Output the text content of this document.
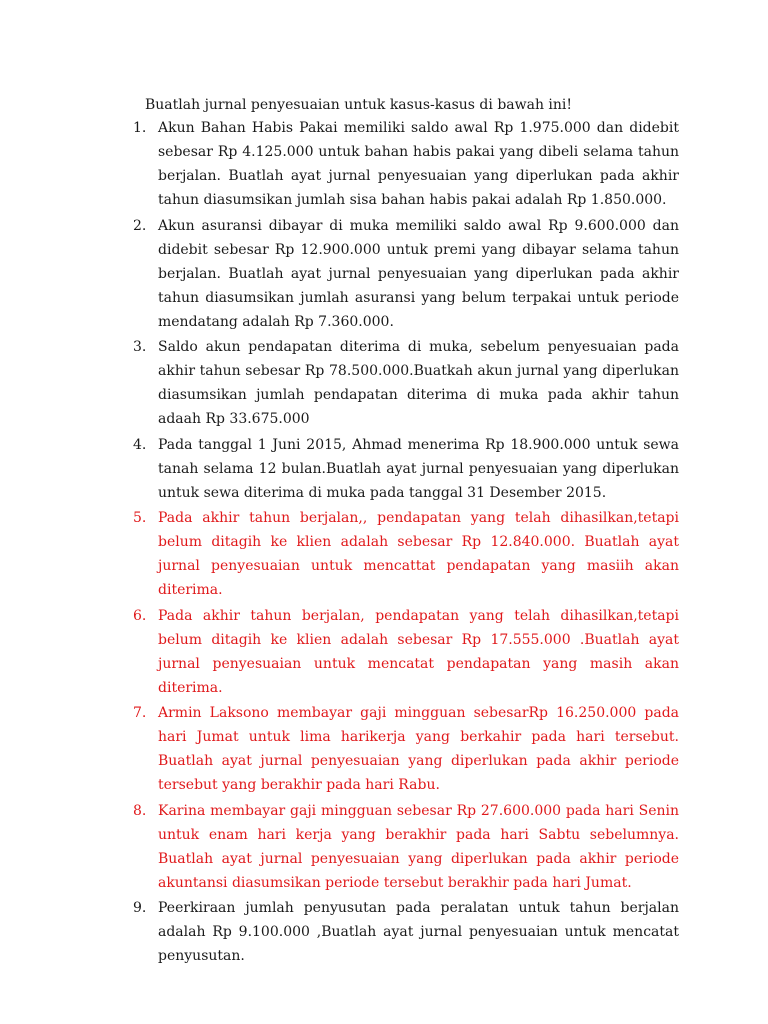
Buatlah jurnal penyesuaian untuk kasus-kasus di bawah ini!
1. Akun Bahan Habis Pakai memiliki saldo awal Rp 1.975.000 dan didebit sebesar Rp 4.125.000 untuk bahan habis pakai yang dibeli selama tahun berjalan. Buatlah ayat jurnal penyesuaian yang diperlukan pada akhir tahun diasumsikan jumlah sisa bahan habis pakai adalah Rp 1.850.000.
2. Akun asuransi dibayar di muka memiliki saldo awal Rp 9.600.000 dan didebit sebesar Rp 12.900.000 untuk premi yang dibayar selama tahun berjalan. Buatlah ayat jurnal penyesuaian yang diperlukan pada akhir tahun diasumsikan jumlah asuransi yang belum terpakai untuk periode mendatang adalah Rp 7.360.000.
3. Saldo akun pendapatan diterima di muka, sebelum penyesuaian pada akhir tahun sebesar Rp 78.500.000.Buatkah akun jurnal yang diperlukan diasumsikan jumlah pendapatan diterima di muka pada akhir tahun adaah Rp 33.675.000
4. Pada tanggal 1 Juni 2015, Ahmad menerima Rp 18.900.000 untuk sewa tanah selama 12 bulan.Buatlah ayat jurnal penyesuaian yang diperlukan untuk sewa diterima di muka pada tanggal 31 Desember 2015.
5. Pada akhir tahun berjalan,, pendapatan yang telah dihasilkan,tetapi belum ditagih ke klien adalah sebesar Rp 12.840.000. Buatlah ayat jurnal penyesuaian untuk mencattat pendapatan yang masiih akan diterima.
6. Pada akhir tahun berjalan, pendapatan yang telah dihasilkan,tetapi belum ditagih ke klien adalah sebesar Rp 17.555.000 .Buatlah ayat jurnal penyesuaian untuk mencatat pendapatan yang masih akan diterima.
7. Armin Laksono membayar gaji mingguan sebesarRp 16.250.000 pada hari Jumat untuk lima harikerja yang berkahir pada hari tersebut. Buatlah ayat jurnal penyesuaian yang diperlukan pada akhir periode tersebut yang berakhir pada hari Rabu.
8. Karina membayar gaji mingguan sebesar Rp 27.600.000 pada hari Senin untuk enam hari kerja yang berakhir pada hari Sabtu sebelumnya. Buatlah ayat jurnal penyesuaian yang diperlukan pada akhir periode akuntansi diasumsikan periode tersebut berakhir pada hari Jumat.
9. Peerkiraan jumlah penyusutan pada peralatan untuk tahun berjalan adalah Rp 9.100.000 ,Buatlah ayat jurnal penyesuaian untuk mencatat penyusutan.
